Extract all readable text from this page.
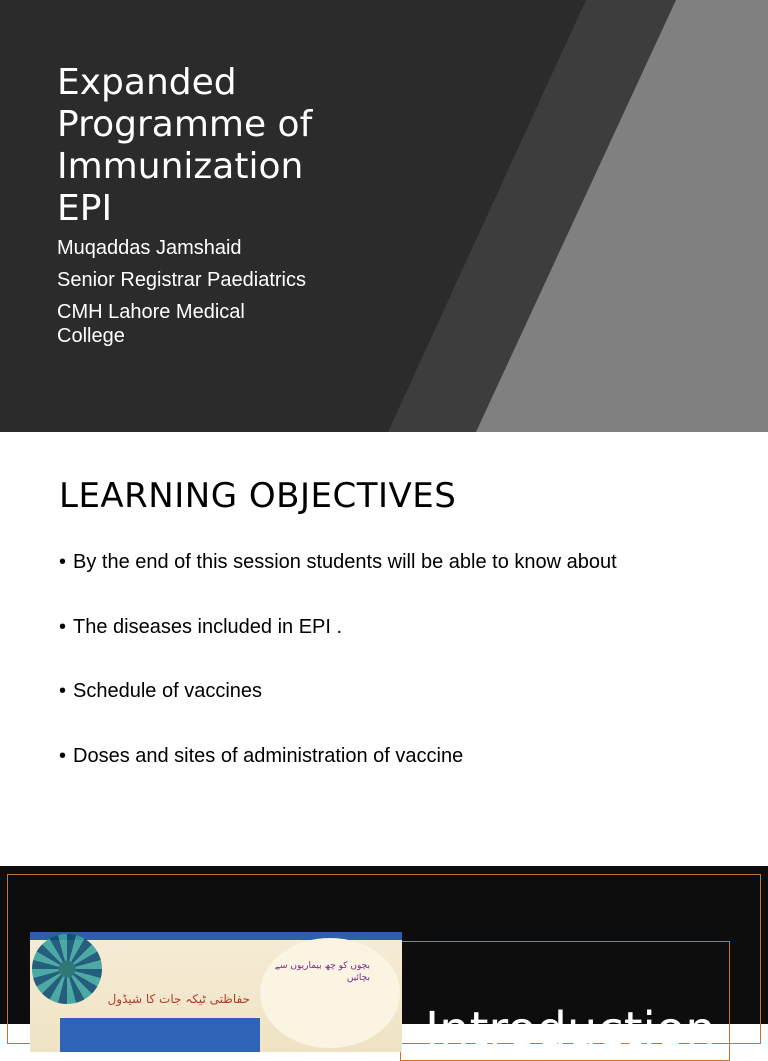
Expanded
Programme of
Immunization
EPI
Muqaddas Jamshaid
Senior Registrar Paediatrics
CMH Lahore Medical College
LEARNING OBJECTIVES
• By the end of this session students will be able to know about
• The diseases included in EPI .
• Schedule of vaccines
• Doses and sites of administration of vaccine
بچوں کو چھ بیماریوں سے بچائیں
حفاظتی ٹیکہ جات کا شیڈول
Introduction
